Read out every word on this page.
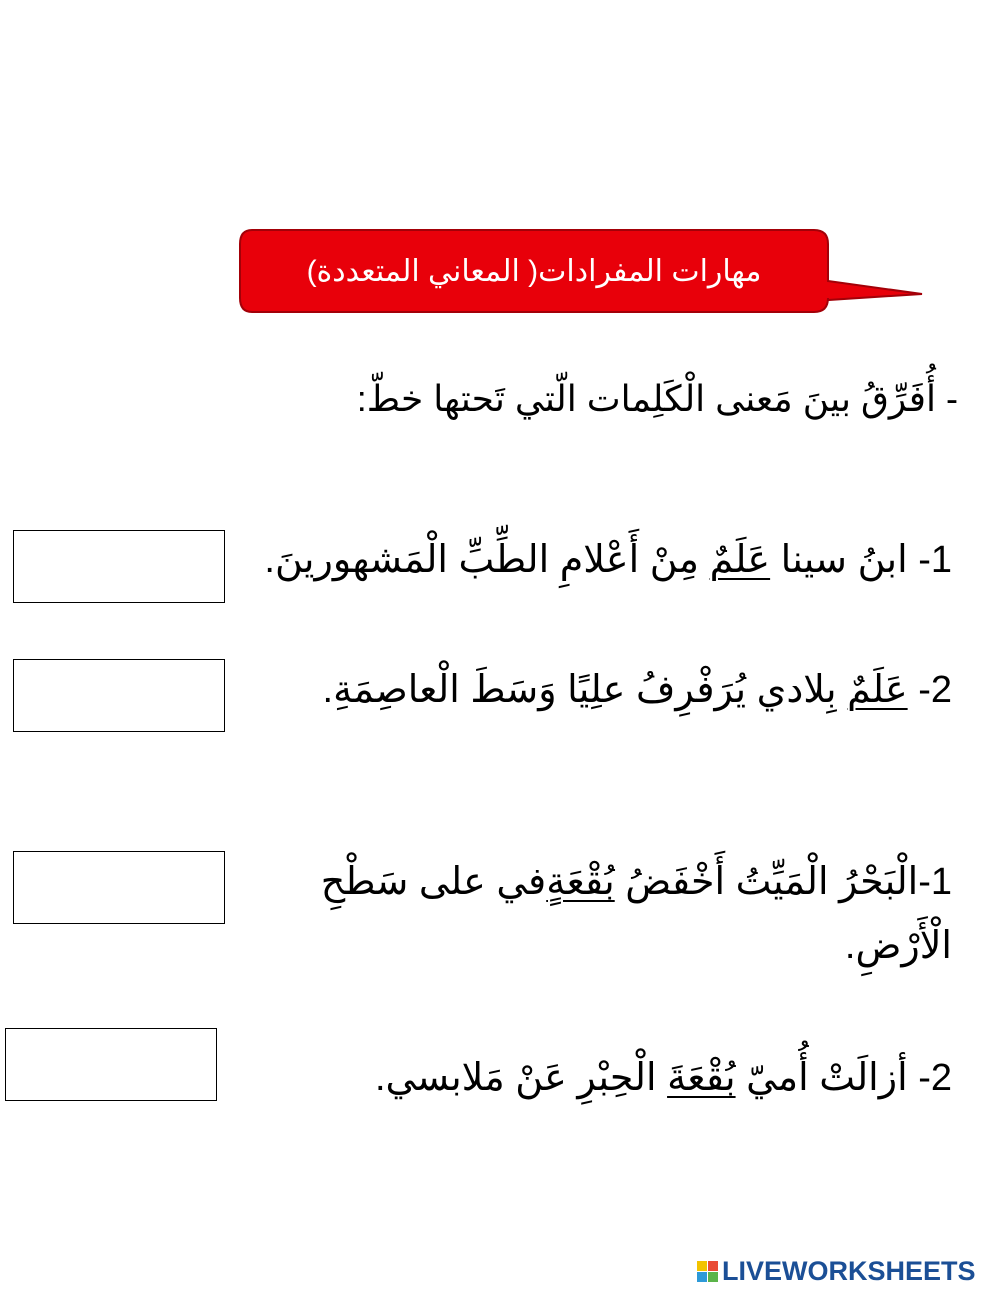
مهارات المفرادات( المعاني المتعددة)
- أُفَرِّقُ بينَ مَعنى الْكَلِمات الّتي تَحتها خطّ:
1- ابنُ سينا عَلَمٌ مِنْ أَعْلامِ الطِّبِّ الْمَشهورينَ.
2- عَلَمٌ بِلادي يُرَفْرِفُ علِيًا وَسَطَ الْعاصِمَةِ.
1-الْبَحْرُ الْمَيِّتُ أَخْفَضُ بُقْعَةٍفي على سَطْحِ الْأَرْضِ.
2- أزالَتْ أُميّ بُقْعَةَ الْحِبْرِ عَنْ مَلابسي.
LIVEWORKSHEETS
